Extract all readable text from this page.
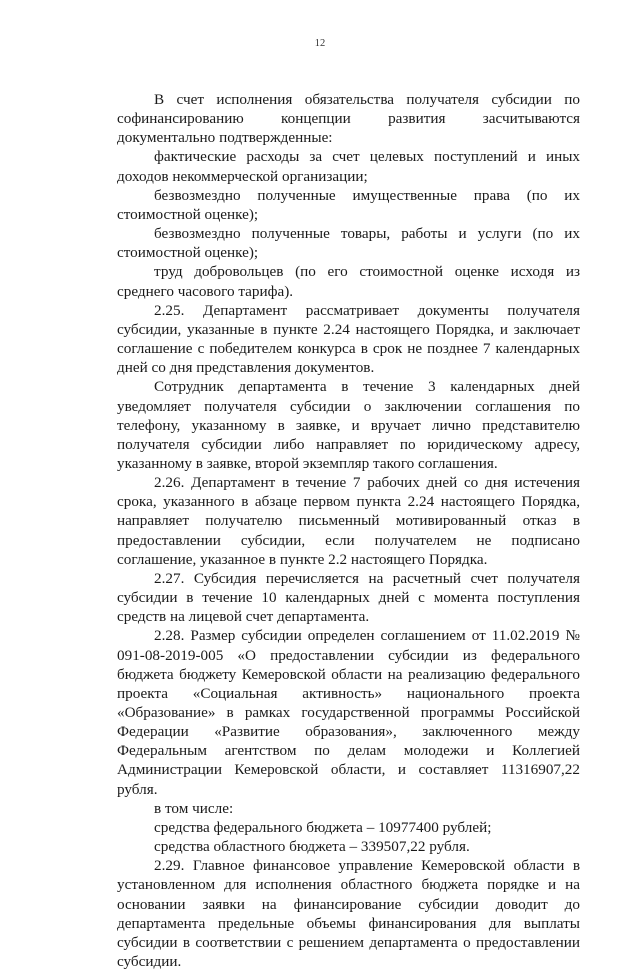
12

В счет исполнения обязательства получателя субсидии по софинансированию концепции развития засчитываются документально подтвержденные:

фактические расходы за счет целевых поступлений и иных доходов некоммерческой организации;

безвозмездно полученные имущественные права (по их стоимостной оценке);

безвозмездно полученные товары, работы и услуги (по их стоимостной оценке);

труд добровольцев (по его стоимостной оценке исходя из среднего часового тарифа).

2.25. Департамент рассматривает документы получателя субсидии, указанные в пункте 2.24 настоящего Порядка, и заключает соглашение с победителем конкурса в срок не позднее 7 календарных дней со дня представления документов.

Сотрудник департамента в течение 3 календарных дней уведомляет получателя субсидии о заключении соглашения по телефону, указанному в заявке, и вручает лично представителю получателя субсидии либо направляет по юридическому адресу, указанному в заявке, второй экземпляр такого соглашения.

2.26. Департамент в течение 7 рабочих дней со дня истечения срока, указанного в абзаце первом пункта 2.24 настоящего Порядка, направляет получателю письменный мотивированный отказ в предоставлении субсидии, если получателем не подписано соглашение, указанное в пункте 2.2 настоящего Порядка.

2.27. Субсидия перечисляется на расчетный счет получателя субсидии в течение 10 календарных дней с момента поступления средств на лицевой счет департамента.

2.28. Размер субсидии определен соглашением от 11.02.2019 № 091-08-2019-005 «О предоставлении субсидии из федерального бюджета бюджету Кемеровской области на реализацию федерального проекта «Социальная активность» национального проекта «Образование» в рамках государственной программы Российской Федерации «Развитие образования», заключенного между Федеральным агентством по делам молодежи и Коллегией Администрации Кемеровской области, и составляет 11316907,22 рубля.

в том числе:

средства федерального бюджета – 10977400 рублей;

средства областного бюджета – 339507,22 рубля.

2.29. Главное финансовое управление Кемеровской области в установленном для исполнения областного бюджета порядке и на основании заявки на финансирование субсидии доводит до департамента предельные объемы финансирования для выплаты субсидии в соответствии с решением департамента о предоставлении субсидии.
